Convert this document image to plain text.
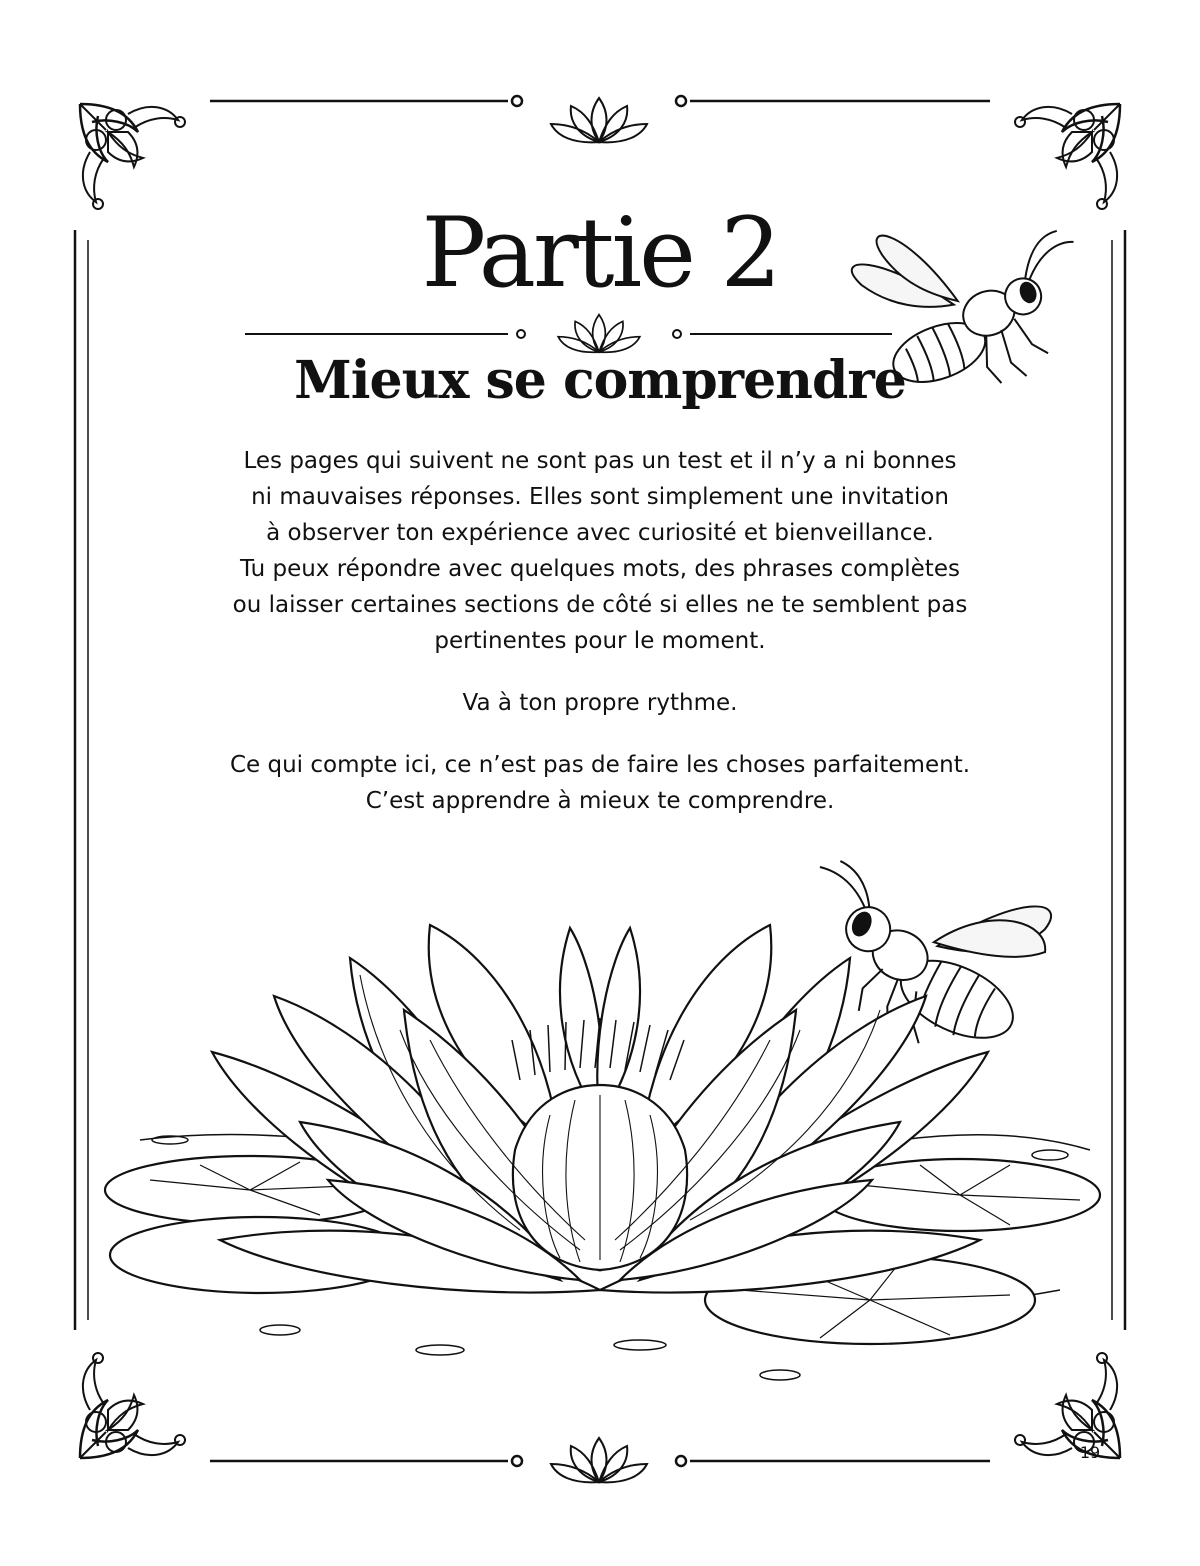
Partie 2
Mieux se comprendre

Les pages qui suivent ne sont pas un test et il n’y a ni bonnes

ni mauvaises réponses. Elles sont simplement une invitation

à observer ton expérience avec curiosité et bienveillance.

Tu peux répondre avec quelques mots, des phrases complètes

ou laisser certaines sections de côté si elles ne te semblent pas

pertinentes pour le moment.

Va à ton propre rythme.

Ce qui compte ici, ce n’est pas de faire les choses parfaitement.

C’est apprendre à mieux te comprendre.

19
